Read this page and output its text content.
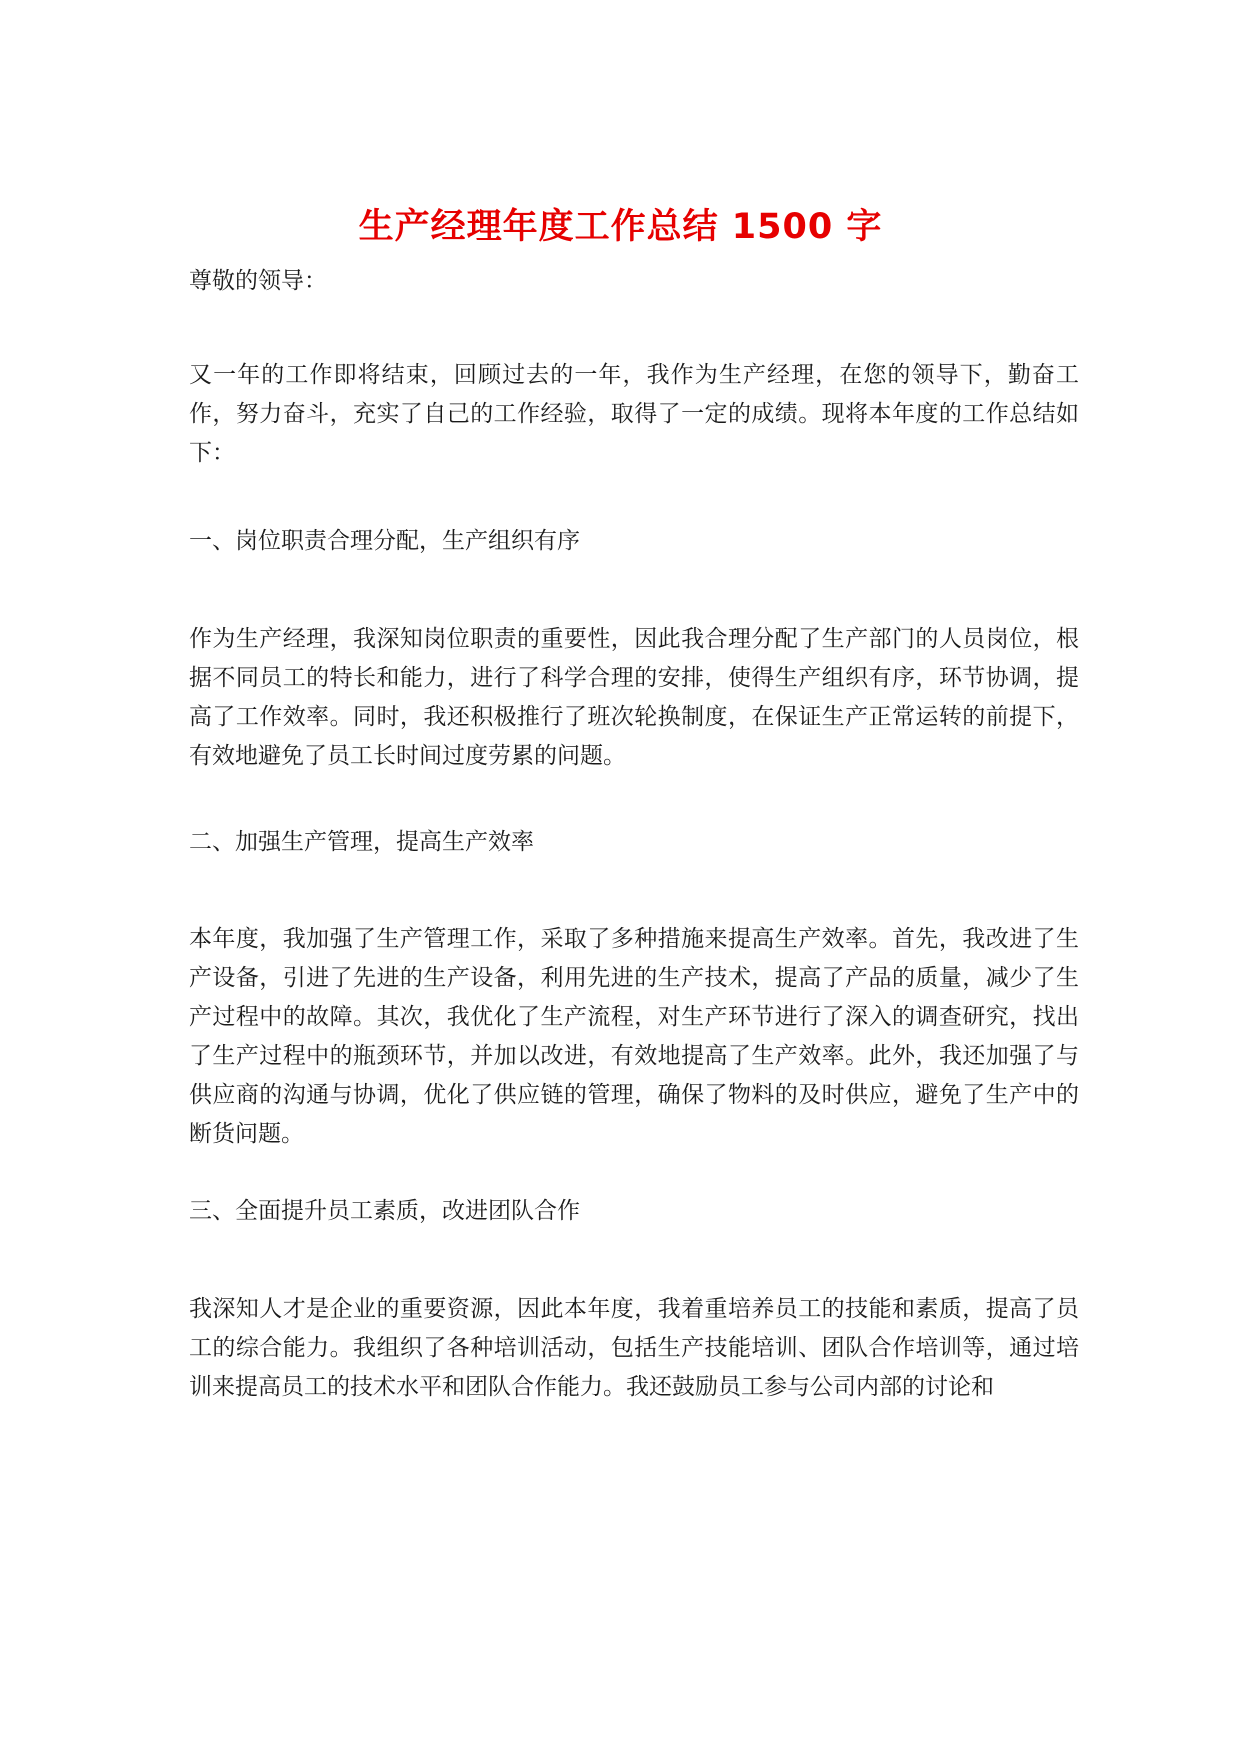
生产经理年度工作总结 1500 字

尊敬的领导：

又一年的工作即将结束，回顾过去的一年，我作为生产经理，在您的领导下，勤奋工作，努力奋斗，充实了自己的工作经验，取得了一定的成绩。现将本年度的工作总结如下：

一、岗位职责合理分配，生产组织有序

作为生产经理，我深知岗位职责的重要性，因此我合理分配了生产部门的人员岗位，根据不同员工的特长和能力，进行了科学合理的安排，使得生产组织有序，环节协调，提高了工作效率。同时，我还积极推行了班次轮换制度，在保证生产正常运转的前提下，有效地避免了员工长时间过度劳累的问题。

二、加强生产管理，提高生产效率

本年度，我加强了生产管理工作，采取了多种措施来提高生产效率。首先，我改进了生产设备，引进了先进的生产设备，利用先进的生产技术，提高了产品的质量，减少了生产过程中的故障。其次，我优化了生产流程，对生产环节进行了深入的调查研究，找出了生产过程中的瓶颈环节，并加以改进，有效地提高了生产效率。此外，我还加强了与供应商的沟通与协调，优化了供应链的管理，确保了物料的及时供应，避免了生产中的断货问题。

三、全面提升员工素质，改进团队合作

我深知人才是企业的重要资源，因此本年度，我着重培养员工的技能和素质，提高了员工的综合能力。我组织了各种培训活动，包括生产技能培训、团队合作培训等，通过培训来提高员工的技术水平和团队合作能力。我还鼓励员工参与公司内部的讨论和
